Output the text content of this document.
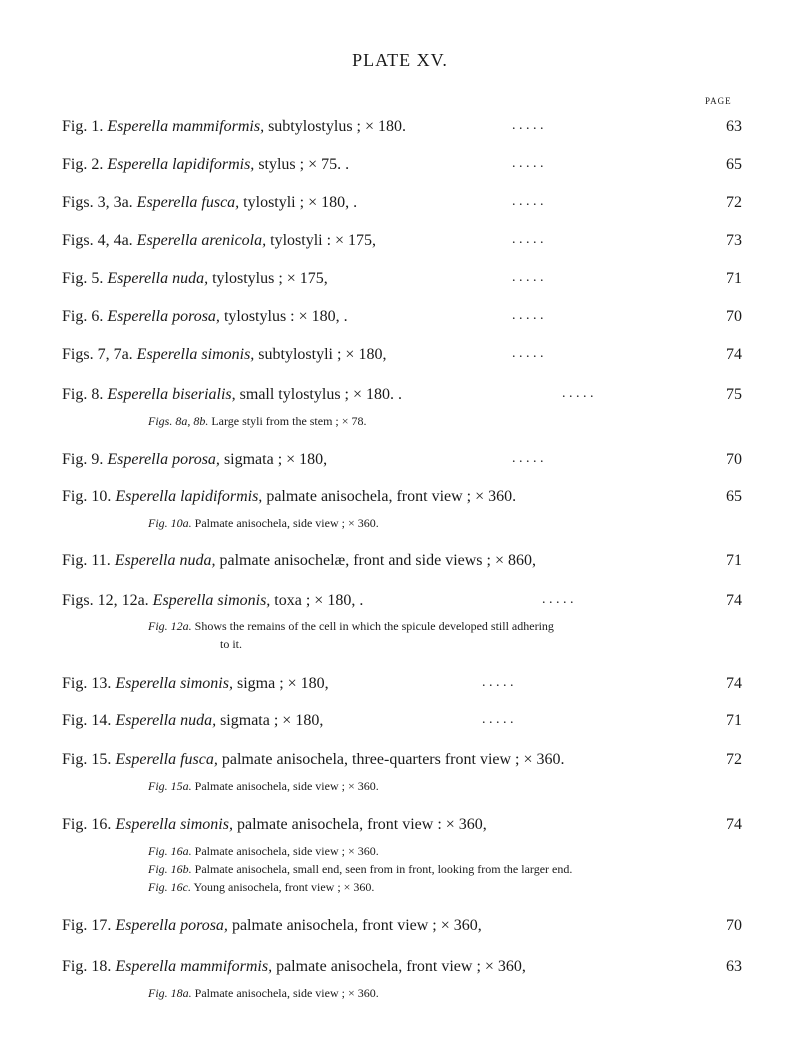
PLATE XV.
PAGE
Fig. 1. Esperella mammiformis, subtylostylus ; × 180.	. . . . .	63
Fig. 2. Esperella lapidiformis, stylus ; × 75. .	. . . . .	65
Figs. 3, 3a. Esperella fusca, tylostyli ; × 180, .	. . . . .	72
Figs. 4, 4a. Esperella arenicola, tylostyli : × 175,	. . . . .	73
Fig. 5. Esperella nuda, tylostylus ; × 175,	. . . . .	71
Fig. 6. Esperella porosa, tylostylus : × 180, .	. . . . .	70
Figs. 7, 7a. Esperella simonis, subtylostyli ; × 180,	. . . . .	74
Fig. 8. Esperella biserialis, small tylostylus ; × 180. .	. . . . .	75
Figs. 8a, 8b. Large styli from the stem ; × 78.
Fig. 9. Esperella porosa, sigmata ; × 180,	. . . . .	70
Fig. 10. Esperella lapidiformis, palmate anisochela, front view ; × 360.	65
Fig. 10a. Palmate anisochela, side view ; × 360.
Fig. 11. Esperella nuda, palmate anisochelæ, front and side views ; × 860,	71
Figs. 12, 12a. Esperella simonis, toxa ; × 180, .	. . . . .	74
Fig. 12a. Shows the remains of the cell in which the spicule developed still adhering
to it.
Fig. 13. Esperella simonis, sigma ; × 180,	. . . . .	74
Fig. 14. Esperella nuda, sigmata ; × 180,	. . . . .	71
Fig. 15. Esperella fusca, palmate anisochela, three-quarters front view ; × 360.	72
Fig. 15a. Palmate anisochela, side view ; × 360.
Fig. 16. Esperella simonis, palmate anisochela, front view : × 360,	74
Fig. 16a. Palmate anisochela, side view ; × 360.
Fig. 16b. Palmate anisochela, small end, seen from in front, looking from the larger end.
Fig. 16c. Young anisochela, front view ; × 360.
Fig. 17. Esperella porosa, palmate anisochela, front view ; × 360,	70
Fig. 18. Esperella mammiformis, palmate anisochela, front view ; × 360,	63
Fig. 18a. Palmate anisochela, side view ; × 360.
